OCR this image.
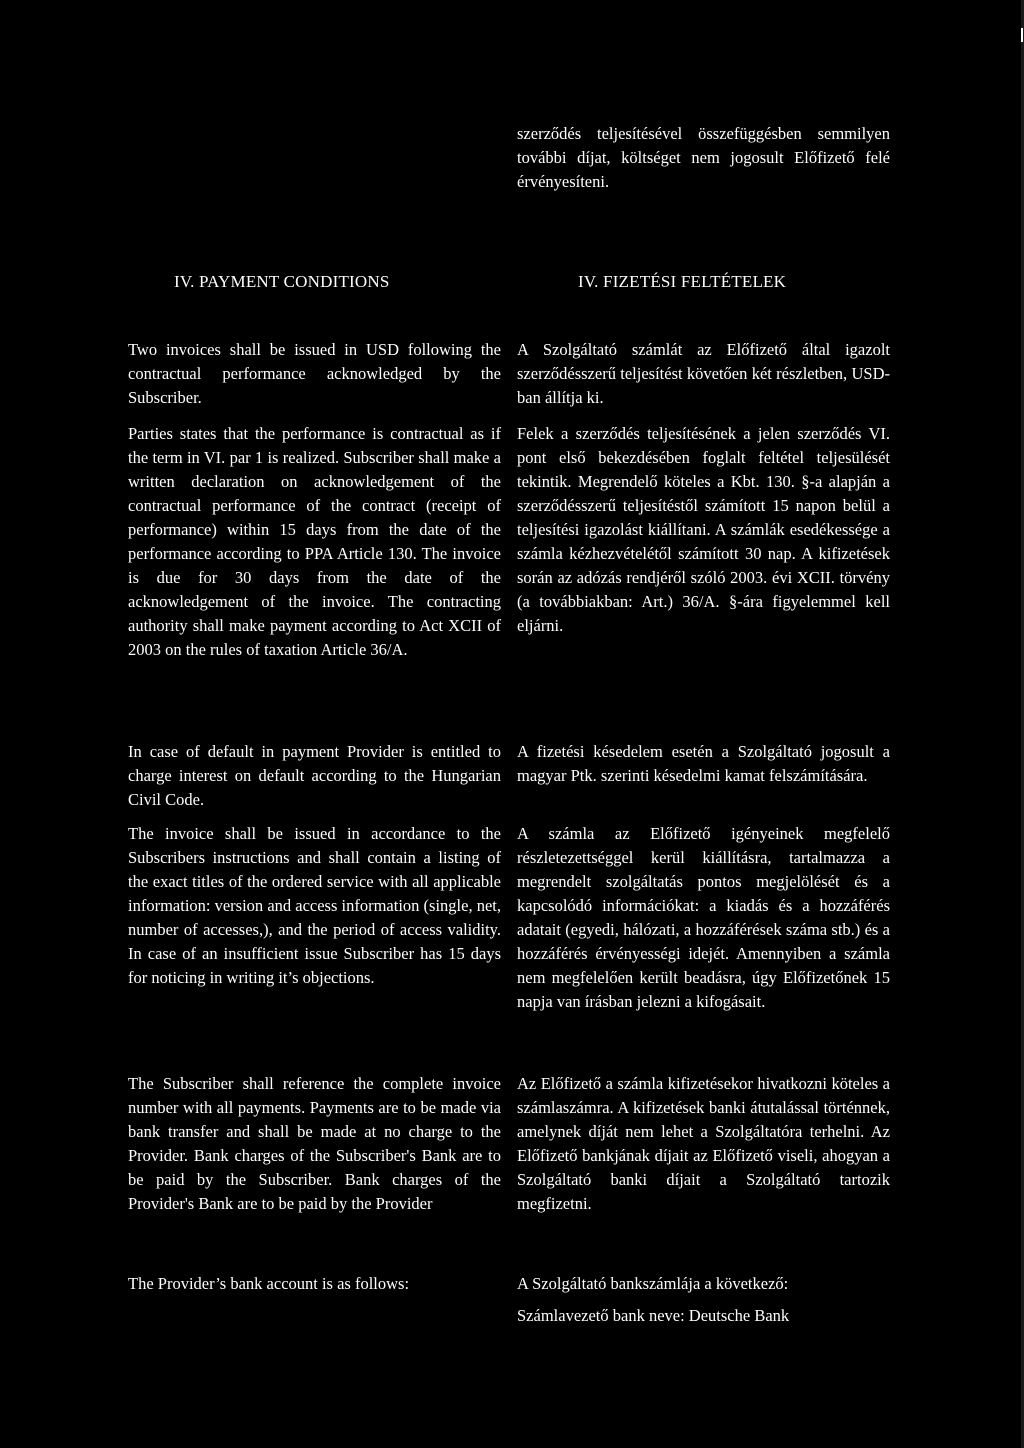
szerződés teljesítésével összefüggésben semmilyen további díjat, költséget nem jogosult Előfizető felé érvényesíteni.
IV. PAYMENT CONDITIONS	IV. FIZETÉSI FELTÉTELEK
Two invoices shall be issued in USD following the contractual performance acknowledged by the Subscriber.
Parties states that the performance is contractual as if the term in VI. par 1 is realized. Subscriber shall make a written declaration on acknowledgement of the contractual performance of the contract (receipt of performance) within 15 days from the date of the performance according to PPA Article 130. The invoice is due for 30 days from the date of the acknowledgement of the invoice. The contracting authority shall make payment according to Act XCII of 2003 on the rules of taxation Article 36/A.
In case of default in payment Provider is entitled to charge interest on default according to the Hungarian Civil Code.
The invoice shall be issued in accordance to the Subscribers instructions and shall contain a listing of the exact titles of the ordered service with all applicable information: version and access information (single, net, number of accesses,), and the period of access validity. In case of an insufficient issue Subscriber has 15 days for noticing in writing it’s objections.
The Subscriber shall reference the complete invoice number with all payments. Payments are to be made via bank transfer and shall be made at no charge to the Provider. Bank charges of the Subscriber's Bank are to be paid by the Subscriber. Bank charges of the Provider's Bank are to be paid by the Provider
The Provider’s bank account is as follows:
A Szolgáltató számlát az Előfizető által igazolt szerződésszerű teljesítést követően két részletben, USD-ban állítja ki.
Felek a szerződés teljesítésének a jelen szerződés VI. pont első bekezdésében foglalt feltétel teljesülését tekintik. Megrendelő köteles a Kbt. 130. §-a alapján a szerződésszerű teljesítéstől számított 15 napon belül a teljesítési igazolást kiállítani. A számlák esedékessége a számla kézhezvételétől számított 30 nap. A kifizetések során az adózás rendjéről szóló 2003. évi XCII. törvény (a továbbiakban: Art.) 36/A. §-ára figyelemmel kell eljárni.
A fizetési késedelem esetén a Szolgáltató jogosult a magyar Ptk. szerinti késedelmi kamat felszámítására.
A számla az Előfizető igényeinek megfelelő részletezettséggel kerül kiállításra, tartalmazza a megrendelt szolgáltatás pontos megjelölését és a kapcsolódó információkat: a kiadás és a hozzáférés adatait (egyedi, hálózati, a hozzáférések száma stb.) és a hozzáférés érvényességi idejét. Amennyiben a számla nem megfelelően került beadásra, úgy Előfizetőnek 15 napja van írásban jelezni a kifogásait.
Az Előfizető a számla kifizetésekor hivatkozni köteles a számlaszámra. A kifizetések banki átutalással történnek, amelynek díját nem lehet a Szolgáltatóra terhelni. Az Előfizető bankjának díjait az Előfizető viseli, ahogyan a Szolgáltató banki díjait a Szolgáltató tartozik megfizetni.
A Szolgáltató bankszámlája a következő:
Számlavezető bank neve: Deutsche Bank
